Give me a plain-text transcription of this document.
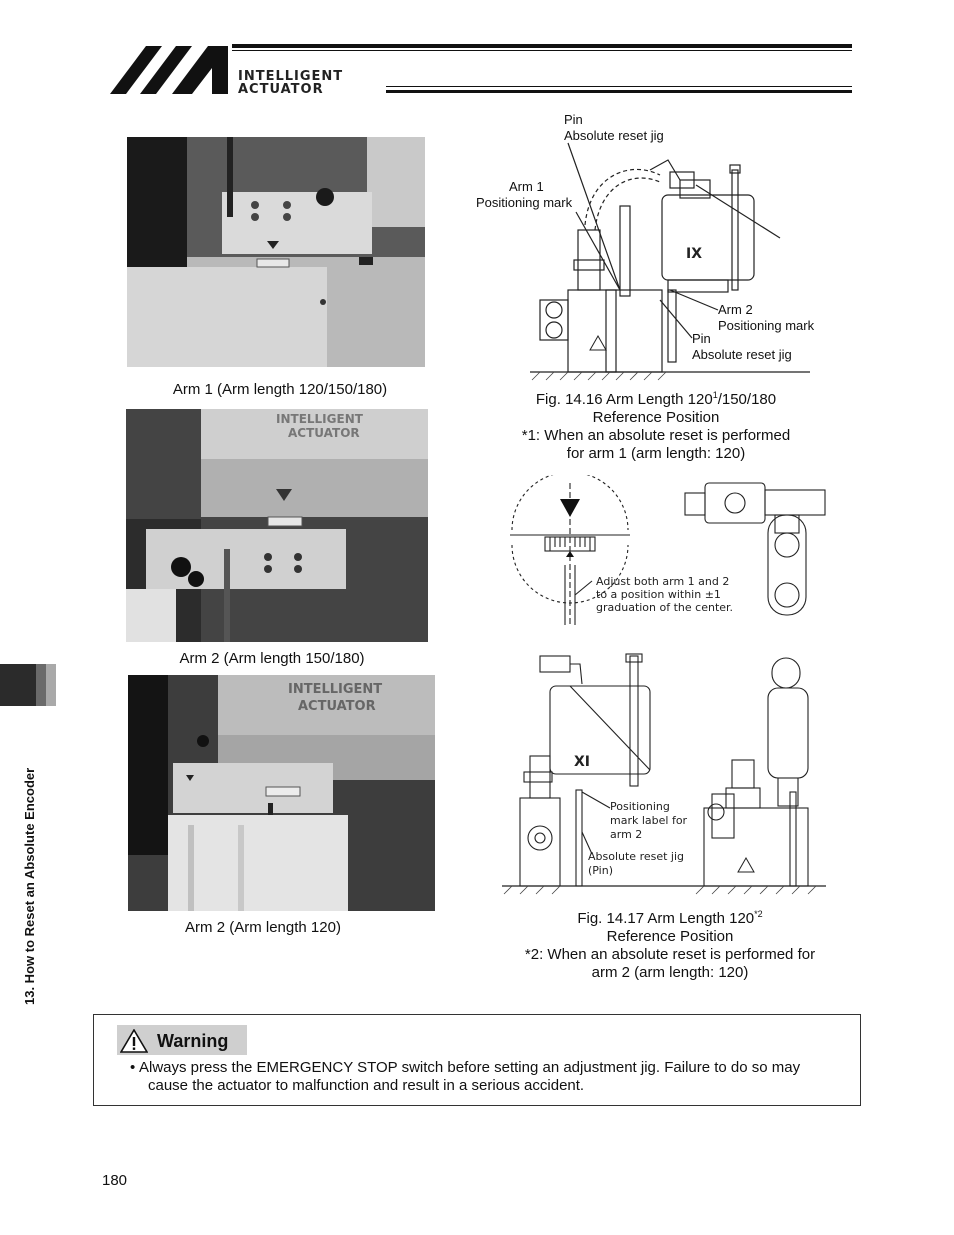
INTELLIGENT
ACTUATOR
Arm 1 (Arm length 120/150/180)
INTELLIGENT
ACTUATOR
Arm 2 (Arm length 150/180)
INTELLIGENT
ACTUATOR
Arm 2 (Arm length 120)
Pin
Absolute reset jig
Arm 1
Positioning mark
Arm 2
Positioning mark
Pin
Absolute reset jig
IX
Fig. 14.16 Arm Length $120^1/150/180$
Reference Position
*1: When an absolute reset is performed
for arm 1 (arm length: 120)
Adjust both arm 1 and 2
to a position within ±1
graduation of the center.
XI
Positioning
mark label for
arm 2
Absolute reset jig
(Pin)
Fig. 14.17 Arm Length 120$^{*2}$
Reference Position
*2: When an absolute reset is performed for
arm 2 (arm length: 120)
13. How to Reset an Absolute Encoder
Warning
• Always press the EMERGENCY STOP switch before setting an adjustment jig. Failure to do so may
cause the actuator to malfunction and result in a serious accident.
180
